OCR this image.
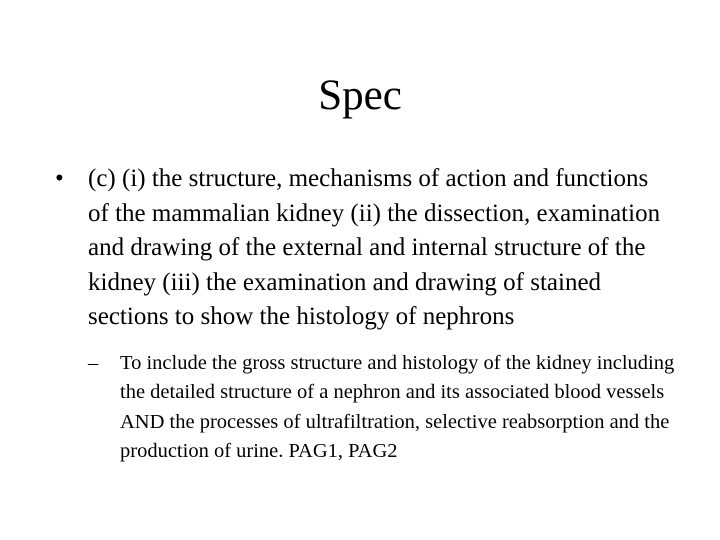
Spec
• (c) (i) the structure, mechanisms of action and functions of the mammalian kidney (ii) the dissection, examination and drawing of the external and internal structure of the kidney (iii) the examination and drawing of stained sections to show the histology of nephrons
– To include the gross structure and histology of the kidney including the detailed structure of a nephron and its associated blood vessels AND the processes of ultrafiltration, selective reabsorption and the production of urine. PAG1, PAG2
